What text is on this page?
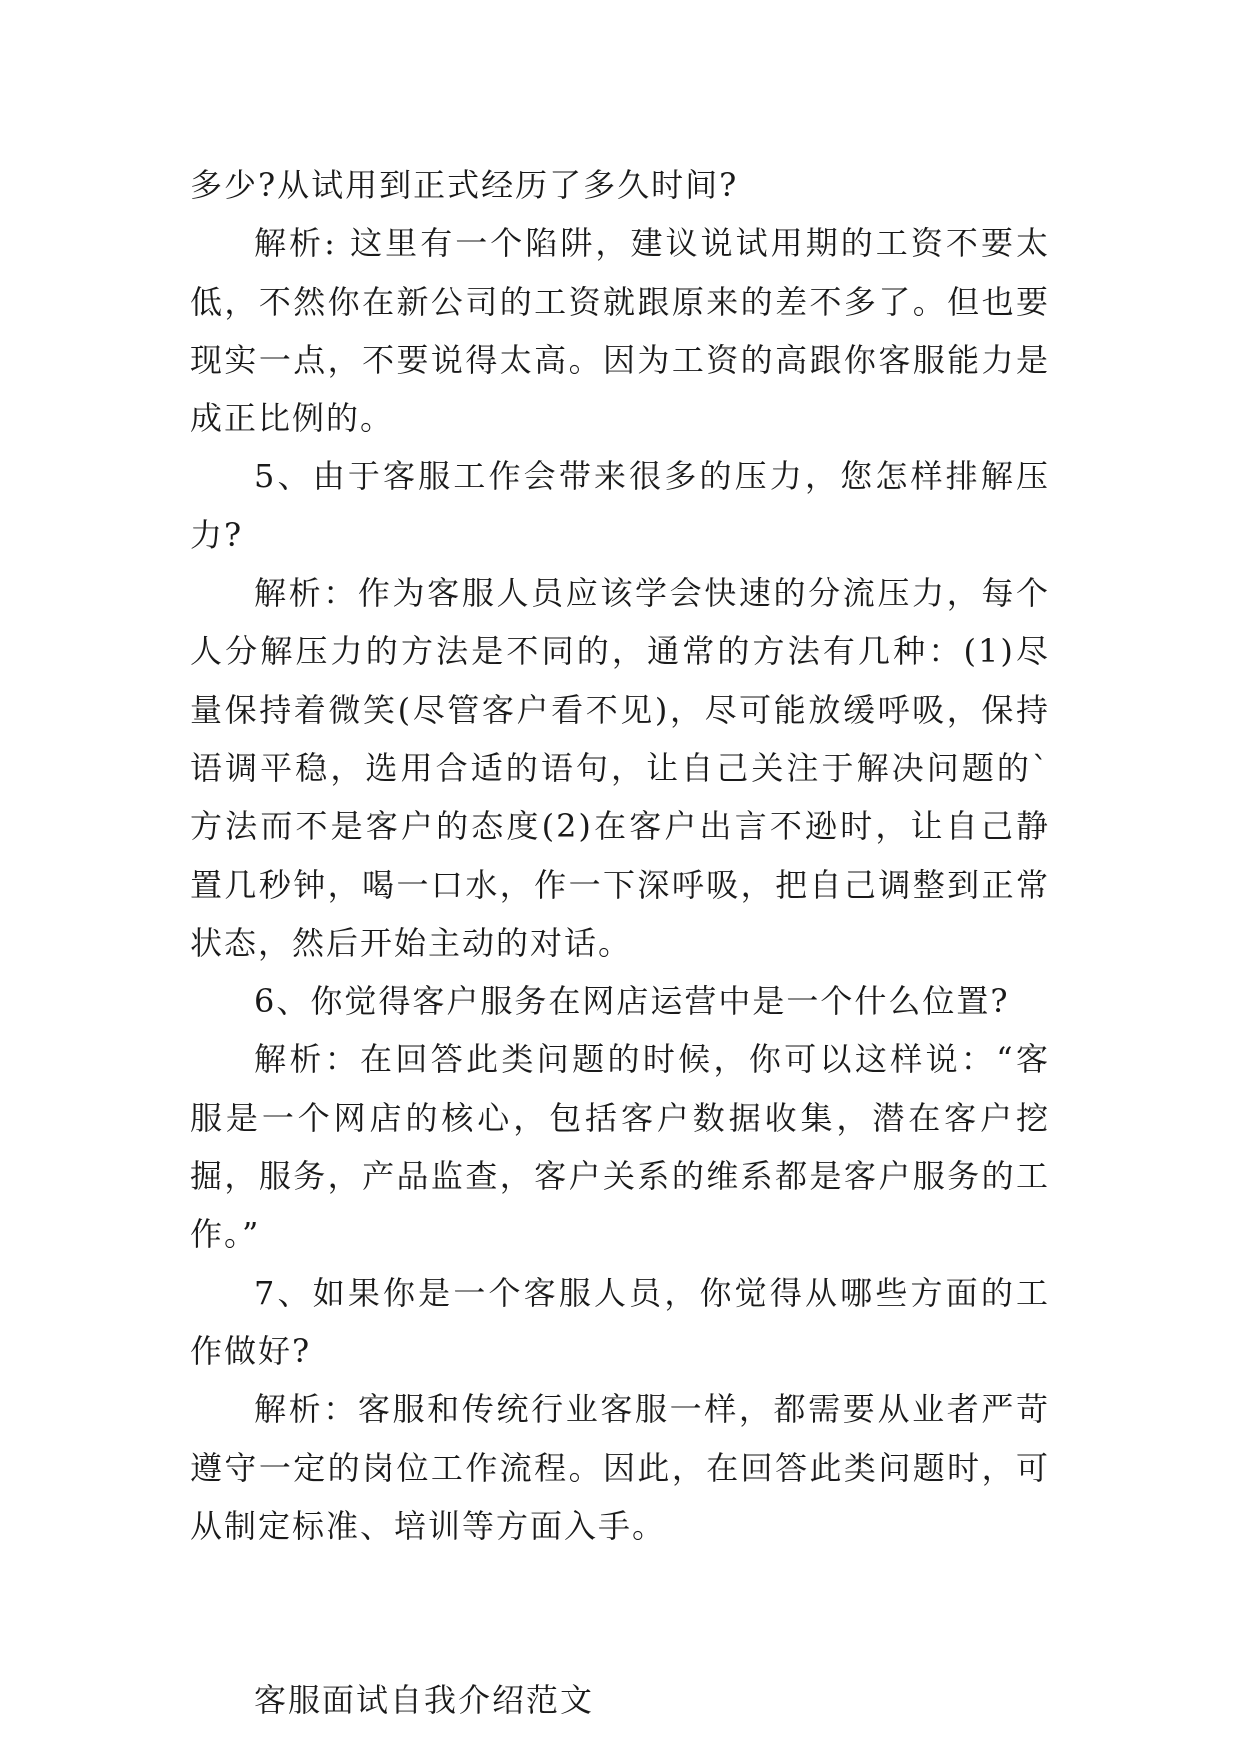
多少?从试用到正式经历了多久时间?

解析: 这里有一个陷阱，建议说试用期的工资不要太低，不然你在新公司的工资就跟原来的差不多了。但也要现实一点，不要说得太高。因为工资的高跟你客服能力是成正比例的。

5、由于客服工作会带来很多的压力，您怎样排解压力?

解析：作为客服人员应该学会快速的分流压力，每个人分解压力的方法是不同的，通常的方法有几种：(1)尽量保持着微笑(尽管客户看不见)，尽可能放缓呼吸，保持语调平稳，选用合适的语句，让自己关注于解决问题的`方法而不是客户的态度(2)在客户出言不逊时，让自己静置几秒钟，喝一口水，作一下深呼吸，把自己调整到正常状态，然后开始主动的对话。

6、你觉得客户服务在网店运营中是一个什么位置?

解析：在回答此类问题的时候，你可以这样说：“客服是一个网店的核心，包括客户数据收集，潜在客户挖掘，服务，产品监查，客户关系的维系都是客户服务的工作。”

7、如果你是一个客服人员，你觉得从哪些方面的工作做好?

解析：客服和传统行业客服一样，都需要从业者严苛遵守一定的岗位工作流程。因此，在回答此类问题时，可从制定标准、培训等方面入手。

客服面试自我介绍范文
